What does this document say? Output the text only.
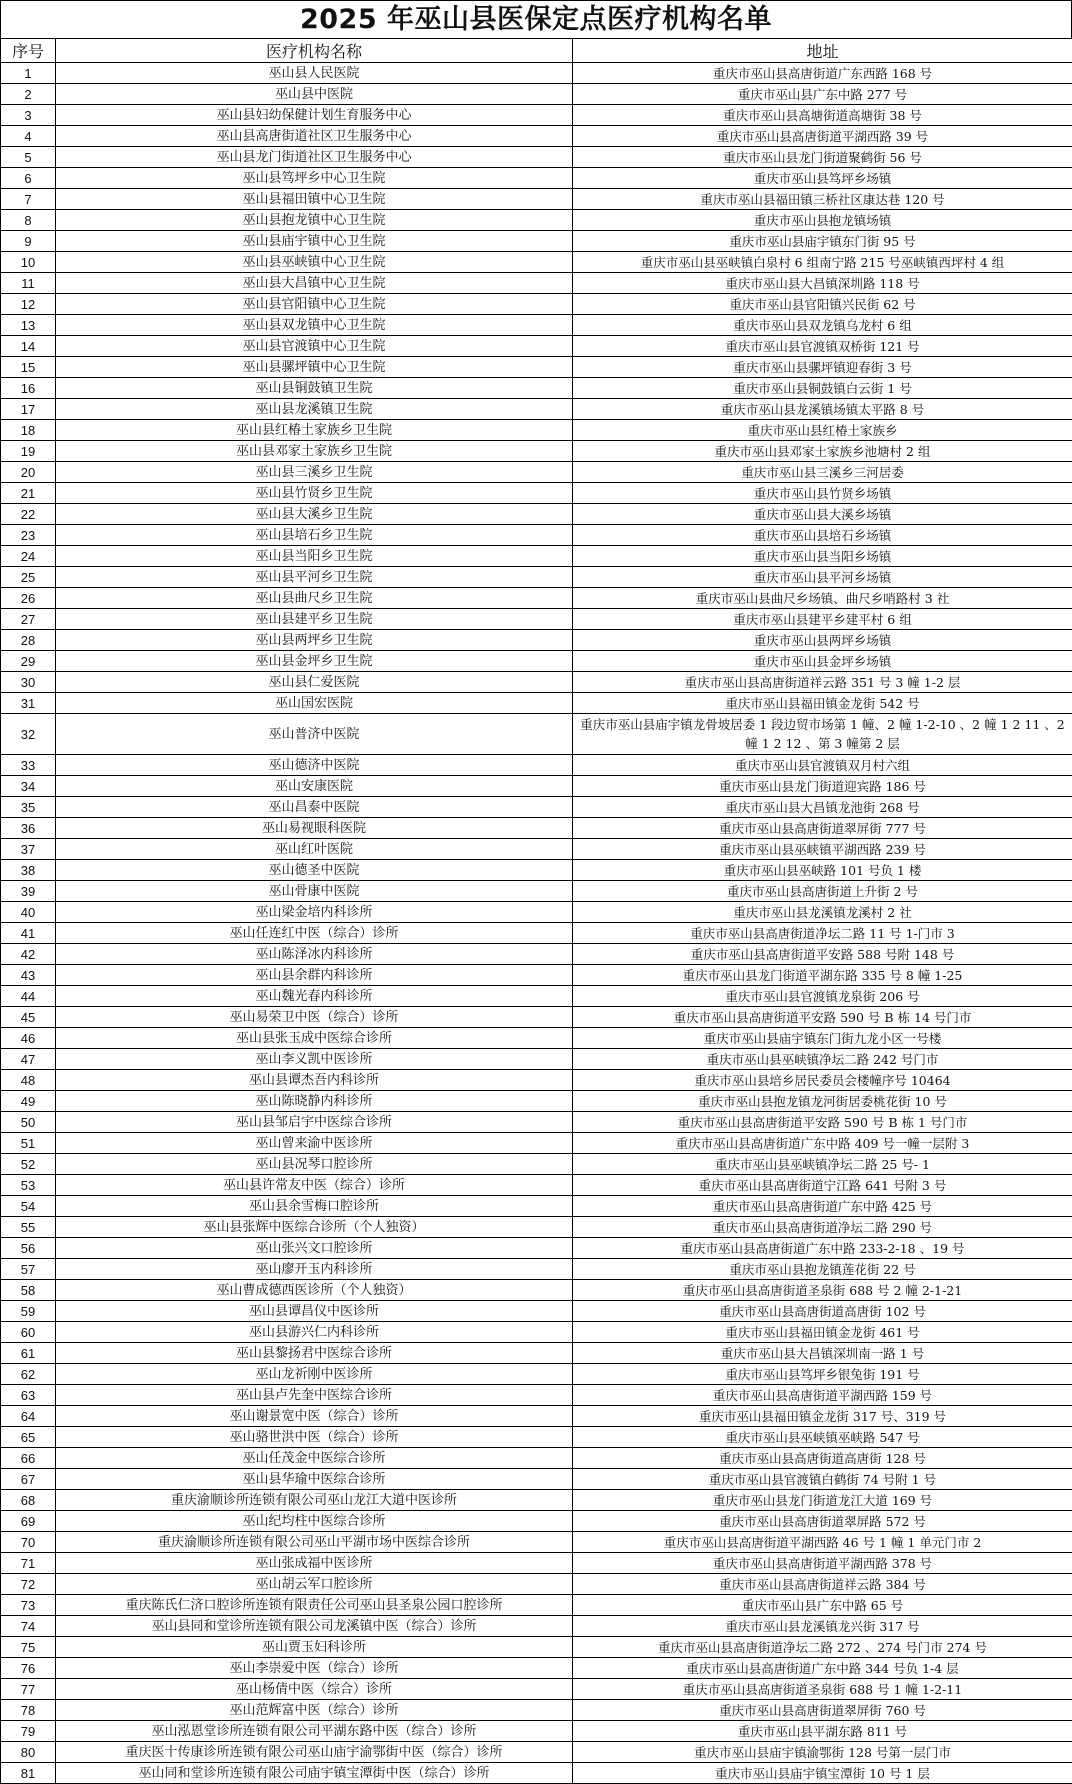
2025 年巫山县医保定点医疗机构名单
序号	医疗机构名称	地址
1	巫山县人民医院	重庆市巫山县高唐街道广东西路 168 号
2	巫山县中医院	重庆市巫山县广东中路 277 号
3	巫山县妇幼保健计划生育服务中心	重庆市巫山县高塘街道高塘街 38 号
4	巫山县高唐街道社区卫生服务中心	重庆市巫山县高唐街道平湖西路 39 号
5	巫山县龙门街道社区卫生服务中心	重庆市巫山县龙门街道聚鹤街 56 号
6	巫山县笃坪乡中心卫生院	重庆市巫山县笃坪乡场镇
7	巫山县福田镇中心卫生院	重庆市巫山县福田镇三桥社区康达巷 120 号
8	巫山县抱龙镇中心卫生院	重庆市巫山县抱龙镇场镇
9	巫山县庙宇镇中心卫生院	重庆市巫山县庙宇镇东门街 95 号
10	巫山县巫峡镇中心卫生院	重庆市巫山县巫峡镇白泉村 6 组南宁路 215 号巫峡镇西坪村 4 组
11	巫山县大昌镇中心卫生院	重庆市巫山县大昌镇深圳路 118 号
12	巫山县官阳镇中心卫生院	重庆市巫山县官阳镇兴民街 62 号
13	巫山县双龙镇中心卫生院	重庆市巫山县双龙镇乌龙村 6 组
14	巫山县官渡镇中心卫生院	重庆市巫山县官渡镇双桥街 121 号
15	巫山县骡坪镇中心卫生院	重庆市巫山县骡坪镇迎春街 3 号
16	巫山县铜鼓镇卫生院	重庆市巫山县铜鼓镇白云街 1 号
17	巫山县龙溪镇卫生院	重庆市巫山县龙溪镇场镇太平路 8 号
18	巫山县红椿土家族乡卫生院	重庆市巫山县红椿土家族乡
19	巫山县邓家土家族乡卫生院	重庆市巫山县邓家土家族乡池塘村 2 组
20	巫山县三溪乡卫生院	重庆市巫山县三溪乡三河居委
21	巫山县竹贤乡卫生院	重庆市巫山县竹贤乡场镇
22	巫山县大溪乡卫生院	重庆市巫山县大溪乡场镇
23	巫山县培石乡卫生院	重庆市巫山县培石乡场镇
24	巫山县当阳乡卫生院	重庆市巫山县当阳乡场镇
25	巫山县平河乡卫生院	重庆市巫山县平河乡场镇
26	巫山县曲尺乡卫生院	重庆市巫山县曲尺乡场镇、曲尺乡哨路村 3 社
27	巫山县建平乡卫生院	重庆市巫山县建平乡建平村 6 组
28	巫山县两坪乡卫生院	重庆市巫山县两坪乡场镇
29	巫山县金坪乡卫生院	重庆市巫山县金坪乡场镇
30	巫山县仁爱医院	重庆市巫山县高唐街道祥云路 351 号 3 幢 1-2 层
31	巫山国宏医院	重庆市巫山县福田镇金龙街 542 号
32	巫山普济中医院	重庆市巫山县庙宇镇龙骨坡居委 1 段边贸市场第 1 幢、2 幢 1-2-10 、2 幢 1 2 11 、2 幢 1 2 12 、第 3 幢第 2 层
33	巫山德济中医院	重庆市巫山县官渡镇双月村六组
34	巫山安康医院	重庆市巫山县龙门街道迎宾路 186 号
35	巫山昌泰中医院	重庆市巫山县大昌镇龙池街 268 号
36	巫山易视眼科医院	重庆市巫山县高唐街道翠屏街 777 号
37	巫山红叶医院	重庆市巫山县巫峡镇平湖西路 239 号
38	巫山德圣中医院	重庆市巫山县巫峡路 101 号负 1 楼
39	巫山骨康中医院	重庆市巫山县高唐街道上升街 2 号
40	巫山梁金培内科诊所	重庆市巫山县龙溪镇龙溪村 2 社
41	巫山任连红中医（综合）诊所	重庆市巫山县高唐街道净坛二路 11 号 1-门市 3
42	巫山陈泽冰内科诊所	重庆市巫山县高唐街道平安路 588 号附 148 号
43	巫山县余群内科诊所	重庆市巫山县龙门街道平湖东路 335 号 8 幢 1-25
44	巫山魏光春内科诊所	重庆市巫山县官渡镇龙泉街 206 号
45	巫山易荣卫中医（综合）诊所	重庆市巫山县高唐街道平安路 590 号 B 栋 14 号门市
46	巫山县张玉成中医综合诊所	重庆市巫山县庙宇镇东门街九龙小区一号楼
47	巫山李义凯中医诊所	重庆市巫山县巫峡镇净坛二路 242 号门市
48	巫山县谭杰吾内科诊所	重庆市巫山县培乡居民委员会楼幢序号 10464
49	巫山陈晓静内科诊所	重庆市巫山县抱龙镇龙河街居委桃花街 10 号
50	巫山县邹启宇中医综合诊所	重庆市巫山县高唐街道平安路 590 号 B 栋 1 号门市
51	巫山曾来渝中医诊所	重庆市巫山县高唐街道广东中路 409 号一幢一层附 3
52	巫山县况琴口腔诊所	重庆市巫山县巫峡镇净坛二路 25 号- 1
53	巫山县许常友中医（综合）诊所	重庆市巫山县高唐街道宁江路 641 号附 3 号
54	巫山县余雪梅口腔诊所	重庆市巫山县高唐街道广东中路 425 号
55	巫山县张辉中医综合诊所（个人独资）	重庆市巫山县高唐街道净坛二路 290 号
56	巫山张兴文口腔诊所	重庆市巫山县高唐街道广东中路 233-2-18 、19 号
57	巫山廖开玉内科诊所	重庆市巫山县抱龙镇莲花街 22 号
58	巫山曹成德西医诊所（个人独资）	重庆市巫山县高唐街道圣泉街 688 号 2 幢 2-1-21
59	巫山县谭昌仪中医诊所	重庆市巫山县高唐街道高唐街 102 号
60	巫山县游兴仁内科诊所	重庆市巫山县福田镇金龙街 461 号
61	巫山县黎扬君中医综合诊所	重庆市巫山县大昌镇深圳南一路 1 号
62	巫山龙祈刚中医诊所	重庆市巫山县笃坪乡银兔街 191 号
63	巫山县卢先奎中医综合诊所	重庆市巫山县高唐街道平湖西路 159 号
64	巫山谢景宽中医（综合）诊所	重庆市巫山县福田镇金龙街 317 号、319 号
65	巫山骆世洪中医（综合）诊所	重庆市巫山县巫峡镇巫峡路 547 号
66	巫山任茂金中医综合诊所	重庆市巫山县高唐街道高唐街 128 号
67	巫山县华瑜中医综合诊所	重庆市巫山县官渡镇白鹤街 74 号附 1 号
68	重庆渝顺诊所连锁有限公司巫山龙江大道中医诊所	重庆市巫山县龙门街道龙江大道 169 号
69	巫山纪均柱中医综合诊所	重庆市巫山县高唐街道翠屏路 572 号
70	重庆渝顺诊所连锁有限公司巫山平湖市场中医综合诊所	重庆市巫山县高唐街道平湖西路 46 号 1 幢 1 单元门市 2
71	巫山张成福中医诊所	重庆市巫山县高唐街道平湖西路 378 号
72	巫山胡云军口腔诊所	重庆市巫山县高唐街道祥云路 384 号
73	重庆陈氏仁济口腔诊所连锁有限责任公司巫山县圣泉公园口腔诊所	重庆市巫山县广东中路 65 号
74	巫山县同和堂诊所连锁有限公司龙溪镇中医（综合）诊所	重庆市巫山县龙溪镇龙兴街 317 号
75	巫山贾玉妇科诊所	重庆市巫山县高唐街道净坛二路 272 、274 号门市 274 号
76	巫山李崇爱中医（综合）诊所	重庆市巫山县高唐街道广东中路 344 号负 1-4 层
77	巫山杨倩中医（综合）诊所	重庆市巫山县高唐街道圣泉街 688 号 1 幢 1-2-11
78	巫山范辉富中医（综合）诊所	重庆市巫山县高唐街道翠屏街 760 号
79	巫山泓恩堂诊所连锁有限公司平湖东路中医（综合）诊所	重庆市巫山县平湖东路 811 号
80	重庆医十传康诊所连锁有限公司巫山庙宇渝鄂街中医（综合）诊所	重庆市巫山县庙宇镇渝鄂街 128 号第一层门市
81	巫山同和堂诊所连锁有限公司庙宇镇宝潭街中医（综合）诊所	重庆市巫山县庙宇镇宝潭街 10 号 1 层
